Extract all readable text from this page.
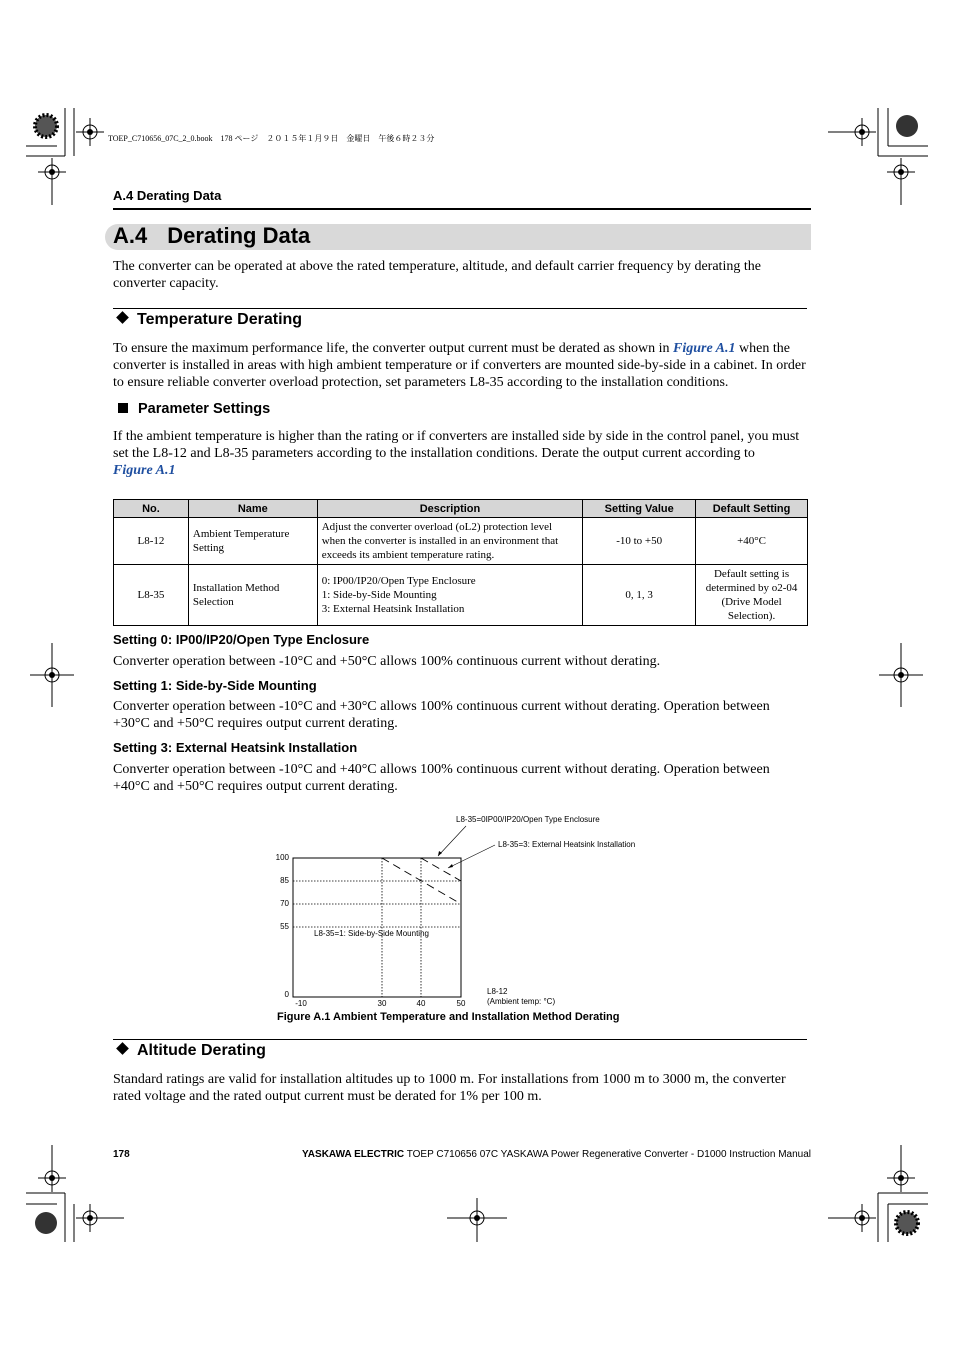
TOEP_C710656_07C_2_0.book　178 ページ　２０１５年１月９日　金曜日　午後６時２３分
A.4 Derating Data
A.4 Derating Data
The converter can be operated at above the rated temperature, altitude, and default carrier frequency by derating the converter capacity.
Temperature Derating
To ensure the maximum performance life, the converter output current must be derated as shown in Figure A.1 when the converter is installed in areas with high ambient temperature or if converters are mounted side-by-side in a cabinet. In order to ensure reliable converter overload protection, set parameters L8-35 according to the installation conditions.
Parameter Settings
If the ambient temperature is higher than the rating or if converters are installed side by side in the control panel, you must set the L8-12 and L8-35 parameters according to the installation conditions. Derate the output current according to
Figure A.1
No.	Name	Description	Setting Value	Default Setting
L8-12	Ambient Temperature Setting	Adjust the converter overload (oL2) protection level when the converter is installed in an environment that exceeds its ambient temperature rating.	-10 to +50	+40°C
L8-35	Installation Method Selection	0: IP00/IP20/Open Type Enclosure
1: Side-by-Side Mounting
3: External Heatsink Installation	0, 1, 3	Default setting is determined by o2-04 (Drive Model Selection).
Setting 0: IP00/IP20/Open Type Enclosure
Converter operation between -10°C and +50°C allows 100% continuous current without derating.
Setting 1: Side-by-Side Mounting
Converter operation between -10°C and +30°C allows 100% continuous current without derating. Operation between +30°C and +50°C requires output current derating.
Setting 3: External Heatsink Installation
Converter operation between -10°C and +40°C allows 100% continuous current without derating. Operation between +40°C and +50°C requires output current derating.
0
55
70
85
100
-10	30	40	50
L8-12
(Ambient temp: °C)
L8-35=0IP00/IP20/Open Type Enclosure
L8-35=3: External Heatsink Installation
L8-35=1: Side-by-Side Mounting
Figure A.1 Ambient Temperature and Installation Method Derating
Altitude Derating
Standard ratings are valid for installation altitudes up to 1000 m. For installations from 1000 m to 3000 m, the converter rated voltage and the rated output current must be derated for 1% per 100 m.
178	YASKAWA ELECTRIC TOEP C710656 07C YASKAWA Power Regenerative Converter - D1000 Instruction Manual
